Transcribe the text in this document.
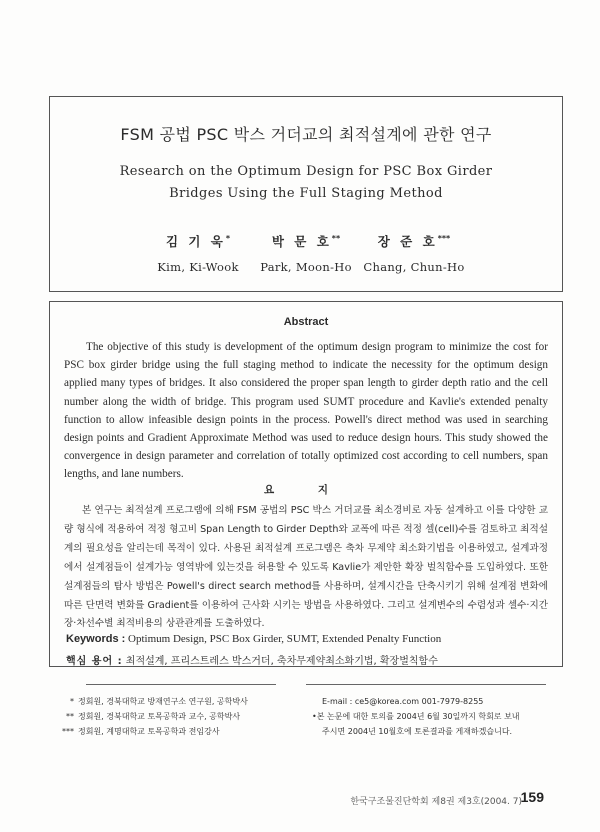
FSM 공법 PSC 박스 거더교의 최적설계에 관한 연구
Research on the Optimum Design for PSC Box Girder
Bridges Using the Full Staging Method
김 기 욱*
Kim, Ki-Wook
박 문 호**
Park, Moon-Ho
장 준 호***
Chang, Chun-Ho
Abstract
The objective of this study is development of the optimum design program to minimize the cost for PSC box girder bridge using the full staging method to indicate the necessity for the optimum design applied many types of bridges. It also considered the proper span length to girder depth ratio and the cell number along the width of bridge. This program used SUMT procedure and Kavlie's extended penalty function to allow infeasible design points in the process. Powell's direct method was used in searching design points and Gradient Approximate Method was used to reduce design hours. This study showed the convergence in design parameter and correlation of totally optimized cost according to cell numbers, span lengths, and lane numbers.
요 지
본 연구는 최적설계 프로그램에 의해 FSM 공법의 PSC 박스 거더교를 최소경비로 자동 설계하고 이를 다양한 교량 형식에 적용하여 적정 형고비 Span Length to Girder Depth와 교폭에 따른 적정 셀(cell)수를 검토하고 최적설계의 필요성을 알리는데 목적이 있다. 사용된 최적설계 프로그램은 축차 무제약 최소화기법을 이용하였고, 설계과정에서 설계점들이 설계가능 영역밖에 있는것을 허용할 수 있도록 Kavlie가 제안한 확장 벌칙함수를 도입하였다. 또한 설계점들의 탐사 방법은 Powell's direct search method를 사용하며, 설계시간을 단축시키기 위해 설계점 변화에 따른 단면력 변화를 Gradient를 이용하여 근사화 시키는 방법을 사용하였다. 그리고 설계변수의 수렴성과 셀수·지간장·차선수별 최적비용의 상관관계를 도출하였다.
Keywords : Optimum Design, PSC Box Girder, SUMT, Extended Penalty Function
핵심 용어 : 최적설계, 프리스트레스 박스거더, 축차무제약최소화기법, 확장벌칙함수
* 정회원, 경북대학교 방재연구소 연구원, 공학박사
** 정회원, 경북대학교 토목공학과 교수, 공학박사
*** 정회원, 계명대학교 토목공학과 전임강사
E-mail : ce5@korea.com 001-7979-8255
•본 논문에 대한 토의를 2004년 6월 30일까지 학회로 보내
주시면 2004년 10월호에 토론결과를 게재하겠습니다.
한국구조물진단학회 제8권 제3호(2004. 7)
159
